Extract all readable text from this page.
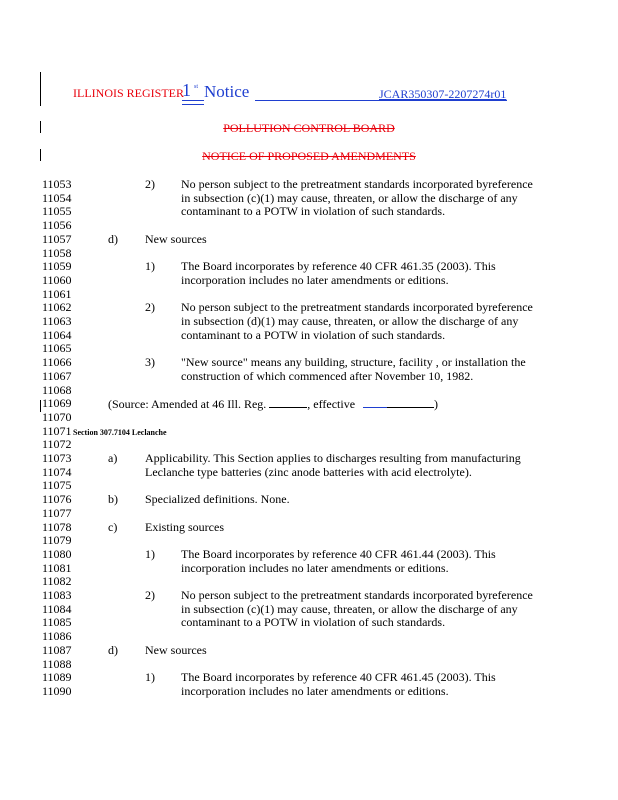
ILLINOIS REGISTER
1 st Notice	JCAR350307-2207274r01
POLLUTION CONTROL BOARD
NOTICE OF PROPOSED AMENDMENTS
11053	2) No person subject to the pretreatment standards incorporated byreference
11054	in subsection (c)(1) may cause, threaten, or allow the discharge of any
11055	contaminant to a POTW in violation of such standards.
11056
11057	d) New sources
11058
11059	1) The Board incorporates by reference 40 CFR 461.35 (2003). This
11060	incorporation includes no later amendments or editions.
11061
11062	2) No person subject to the pretreatment standards incorporated byreference
11063	in subsection (d)(1) may cause, threaten, or allow the discharge of any
11064	contaminant to a POTW in violation of such standards.
11065
11066	3) "New source" means any building, structure, facility , or installation the
11067	construction of which commenced after November 10, 1982.
11068
11069	(Source: Amended at 46 Ill. Reg.	, effective	)
11070
11071 Section 307.7104 Leclanche
11072
11073	a) Applicability. This Section applies to discharges resulting from manufacturing
11074	Leclanche type batteries (zinc anode batteries with acid electrolyte).
11075
11076	b) Specialized definitions. None.
11077
11078	c) Existing sources
11079
11080	1) The Board incorporates by reference 40 CFR 461.44 (2003). This
11081	incorporation includes no later amendments or editions.
11082
11083	2) No person subject to the pretreatment standards incorporated byreference
11084	in subsection (c)(1) may cause, threaten, or allow the discharge of any
11085	contaminant to a POTW in violation of such standards.
11086
11087	d) New sources
11088
11089	1) The Board incorporates by reference 40 CFR 461.45 (2003). This
11090	incorporation includes no later amendments or editions.
